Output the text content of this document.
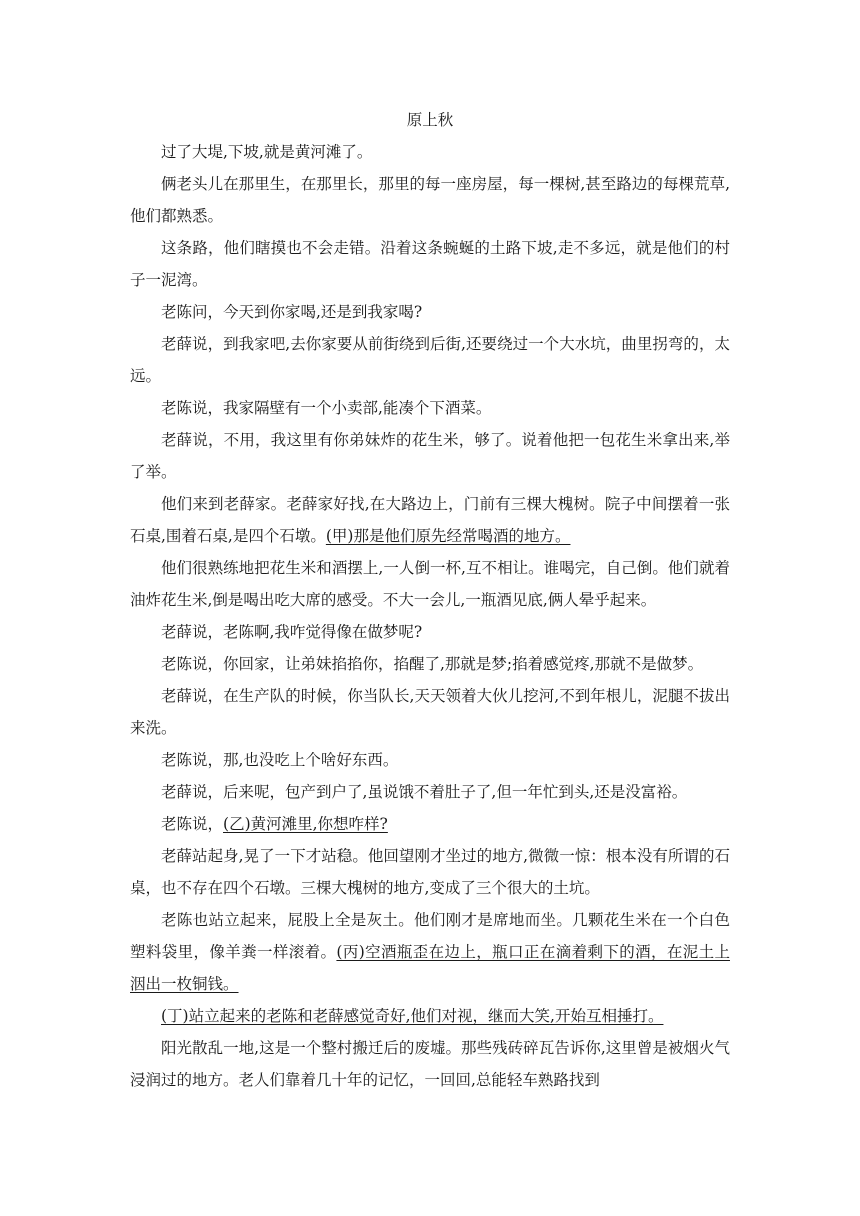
原上秋

过了大堤,下坡,就是黄河滩了。

俩老头儿在那里生，在那里长，那里的每一座房屋，每一棵树,甚至路边的每棵荒草,他们都熟悉。

这条路，他们瞎摸也不会走错。沿着这条蜿蜒的土路下坡,走不多远，就是他们的村子一泥湾。

老陈问，今天到你家喝,还是到我家喝?

老薛说，到我家吧,去你家要从前街绕到后街,还要绕过一个大水坑，曲里拐弯的，太远。

老陈说，我家隔壁有一个小卖部,能凑个下酒菜。

老薛说，不用，我这里有你弟妹炸的花生米，够了。说着他把一包花生米拿出来,举了举。

他们来到老薛家。老薛家好找,在大路边上，门前有三棵大槐树。院子中间摆着一张石桌,围着石桌,是四个石墩。(甲)那是他们原先经常喝酒的地方。

他们很熟练地把花生米和酒摆上,一人倒一杯,互不相让。谁喝完，自己倒。他们就着油炸花生米,倒是喝出吃大席的感受。不大一会儿,一瓶酒见底,俩人晕乎起来。

老薛说，老陈啊,我咋觉得像在做梦呢?

老陈说，你回家，让弟妹掐掐你，掐醒了,那就是梦;掐着感觉疼,那就不是做梦。

老薛说，在生产队的时候，你当队长,天天领着大伙儿挖河,不到年根儿，泥腿不拔出来洗。

老陈说，那,也没吃上个啥好东西。

老薛说，后来呢，包产到户了,虽说饿不着肚子了,但一年忙到头,还是没富裕。

老陈说，(乙)黄河滩里,你想咋样?

老薛站起身,晃了一下才站稳。他回望刚才坐过的地方,微微一惊：根本没有所谓的石桌，也不存在四个石墩。三棵大槐树的地方,变成了三个很大的土坑。

老陈也站立起来，屁股上全是灰土。他们刚才是席地而坐。几颗花生米在一个白色塑料袋里，像羊粪一样滚着。(丙)空酒瓶歪在边上，瓶口正在滴着剩下的酒，在泥土上洇出一枚铜钱。

(丁)站立起来的老陈和老薛感觉奇好,他们对视，继而大笑,开始互相捶打。

阳光散乱一地,这是一个整村搬迁后的废墟。那些残砖碎瓦告诉你,这里曾是被烟火气浸润过的地方。老人们靠着几十年的记忆，一回回,总能轻车熟路找到
